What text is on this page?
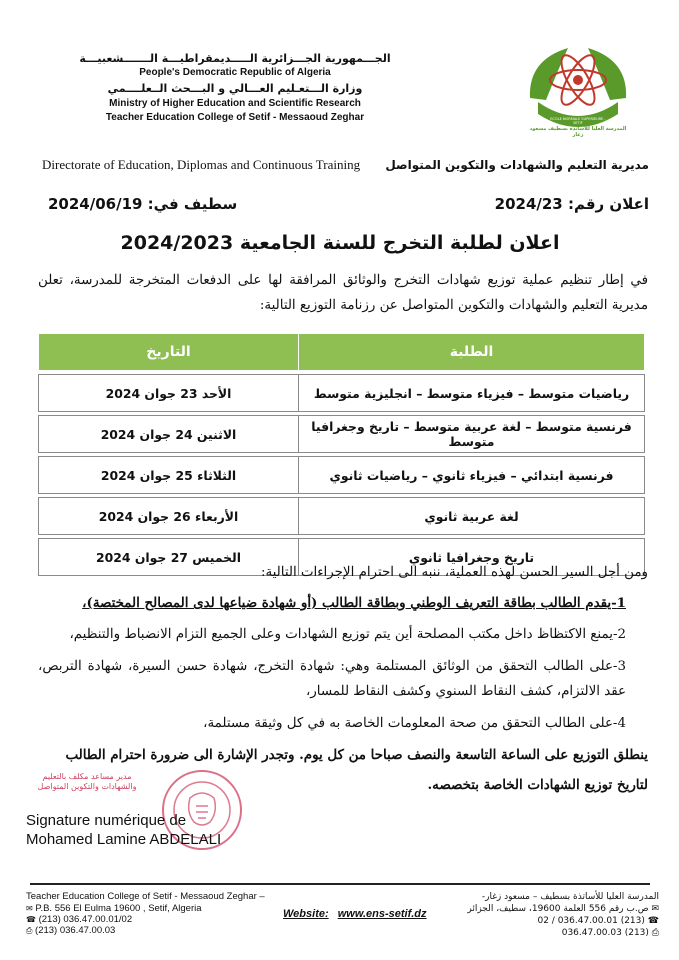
الجـــمهورية الجـــزائرية الـــــديمقراطيـــة الـــــــشعبيـــة
People's Democratic Republic of Algeria
وزارة الـــتعـليم العـــالي و البـــحث الــعلــــمي
Ministry of Higher Education and Scientific Research
Teacher Education College of Setif - Messaoud Zeghar
ENS
ECOLE NORMALE SUPERIEURE - SETIF
المدرسة العليا للأساتذة بسطيف مسعود زغار
Directorate of Education, Diplomas and Continuous Training مديرية التعليم والشهادات والتكوين المتواصل
سطيف في: 2024/06/19	اعلان رقم: 2024/23
اعلان لطلبة التخرج للسنة الجامعية 2024/2023
في إطار تنظيم عملية توزيع شهادات التخرج والوثائق المرافقة لها على الدفعات المتخرجة للمدرسة، تعلن مديرية التعليم والشهادات والتكوين المتواصل عن رزنامة التوزيع التالية:
الطلبة	التاريخ

رياضيات متوسط – فيزياء متوسط – انجليزية متوسط	الأحد 23 جوان 2024

فرنسية متوسط – لغة عربية متوسط – تاريخ وجغرافيا متوسط	الاثنين 24 جوان 2024

فرنسية ابتدائي – فيزياء ثانوي – رياضيات ثانوي	الثلاثاء 25 جوان 2024

لغة عربية ثانوي	الأربعاء 26 جوان 2024

تاريخ وجغرافيا ثانوي	الخميس 27 جوان 2024
ومن أجل السير الحسن لهذه العملية، ننبه الى احترام الإجراءات التالية:
1-يقدم الطالب بطاقة التعريف الوطني وبطاقة الطالب (أو شهادة ضياعها لدى المصالح المختصة)،
2-يمنع الاكتظاظ داخل مكتب المصلحة أين يتم توزيع الشهادات وعلى الجميع التزام الانضباط والتنظيم،
3-على الطالب التحقق من الوثائق المستلمة وهي: شهادة التخرج، شهادة حسن السيرة، شهادة التربص، عقد الالتزام، كشف النقاط السنوي وكشف النقاط للمسار،
4-على الطالب التحقق من صحة المعلومات الخاصة به في كل وثيقة مستلمة،
ينطلق التوزيع على الساعة التاسعة والنصف صباحا من كل يوم. وتجدر الإشارة الى ضرورة احترام الطالب لتاريخ توزيع الشهادات الخاصة بتخصصه.
مدير مساعد مكلف بالتعليم والشهادات والتكوين المتواصل
Signature numérique de
Mohamed Lamine ABDELALI
Teacher Education College of Setif - Messaoud Zeghar –
✉ P.B. 556 El Eulma 19600 , Setif, Algeria
☎ (213) 036.47.00.01/02
⎙ (213) 036.47.00.03
Website: www.ens-setif.dz
المدرسة العليا للأساتذة بسطيف – مسعود زغار-
✉ ص.ب رقم 556 العلمة 19600، سطيف، الجزائر
☎ (213) 036.47.00.01 / 02
⎙ (213) 036.47.00.03
